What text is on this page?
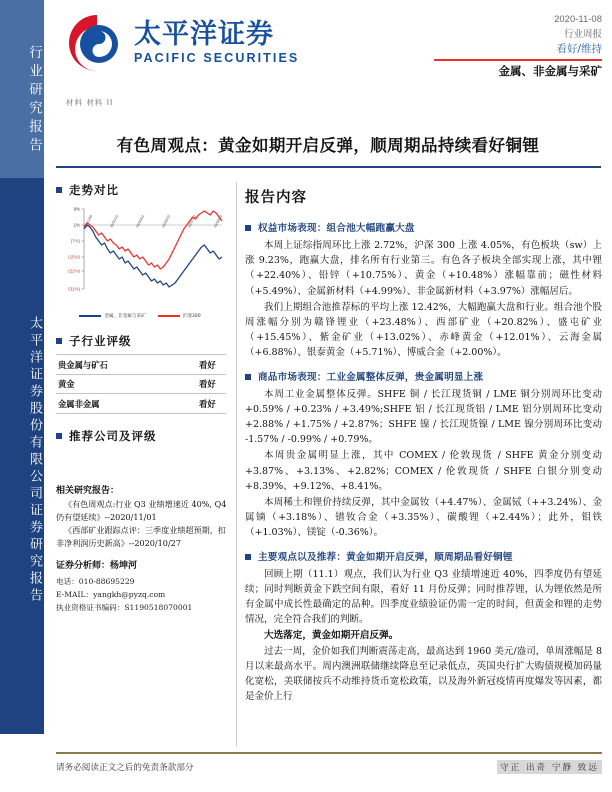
行业研究报告
太平洋证券股份有限公司证券研究报告
太平洋证券
PACIFIC SECURITIES
2020-11-08
行业周报
看好/维持
金属、非金属与采矿
材料 材料 II
有色周观点：黄金如期开启反弹，顺周期品持续看好铜锂
走势对比
9%
1%
(7%)
(15%)
(22%)
(31%)
19/11/08	20/01/02	20/03/02	20/05/02	20/07/02	20/09/02
金属、非金属与采矿	沪深300
子行业评级
贵金属与矿石	看好
黄金	看好
金属非金属	看好
推荐公司及评级
相关研究报告：
《有色周观点:行业 Q3 业绩增速近 40%, Q4 仍有望延续》--2020/11/01
《西部矿业跟踪点评：三季度业绩超预期，扣非净利润历史新高》--2020/10/27
证券分析师：杨坤河
电话：010-88695229
E-MAIL：yangkh@pyzq.com
执业资格证书编码：S1190518070001
报告内容
权益市场表现：组合池大幅跑赢大盘

本周上证综指周环比上涨 2.72%，沪深 300 上涨 4.05%，有色板块（sw）上涨 9.23%，跑赢大盘，排名所有行业第三。有色各子板块全部实现上涨，其中锂（+22.40%）、铅锌（+10.75%）、黄金（+10.48%）涨幅靠前；磁性材料（+5.49%）、金属新材料（+4.99%）、非金属新材料（+3.97%）涨幅居后。

我们上期组合池推荐标的平均上涨 12.42%，大幅跑赢大盘和行业。组合池个股周涨幅分别为赣锋锂业（+23.48%）、西部矿业（+20.82%）、盛屯矿业（+15.45%）、紫金矿业（+13.02%）、赤峰黄金（+12.01%）、云海金属（+6.88%）、银泰黄金（+5.71%）、博威合金（+2.00%）。

商品市场表现：工业金属整体反弹，贵金属明显上涨

本周工业金属整体反弹。SHFE 铜 / 长江现货铜 / LME 铜分别周环比变动+0.59% / +0.23% / +3.49%;SHFE 铝 / 长江现货铝 / LME 铝分别周环比变动 +2.88% / +1.75% / +2.87%；SHFE 镍 / 长江现货镍 / LME 镍分别周环比变动 -1.57% / -0.99% / +0.79%。

本周贵金属明显上涨，其中 COMEX / 伦敦现货 / SHFE 黄金分别变动+3.87%、+3.13%、+2.82%；COMEX / 伦敦现货 / SHFE 白银分别变动+8.39%、+9.12%、+8.41%。

本周稀土和锂价持续反弹，其中金属钕（+4.47%）、金属铽（++3.24%）、金属镝（+3.18%）、镨钕合金（+3.35%）、碳酸锂（+2.44%）；此外，钼铁（+1.03%）、镁锭（-0.36%）。

主要观点以及推荐：黄金如期开启反弹，顺周期品看好铜锂

回顾上期（11.1）观点，我们认为行业 Q3 业绩增速近 40%，四季度仍有望延续；同时判断黄金下跌空间有限，看好 11 月份反弹；同时推荐锂，认为锂依然是所有金属中成长性最确定的品种。四季度业绩验证仍需一定的时间，但黄金和锂的走势情况，完全符合我们的判断。

大选落定，黄金如期开启反弹。

过去一周，金价如我们判断震荡走高，最高达到 1960 美元/盎司，单周涨幅是 8 月以来最高水平。周内澳洲联储继续降息至记录低点，英国央行扩大购债规模加码量化宽松，美联储按兵不动维持货币宽松政策，以及海外新冠疫情再度爆发等因素，都是金价上行

请务必阅读正文之后的免责条款部分	守正 出奇 宁静 致远
